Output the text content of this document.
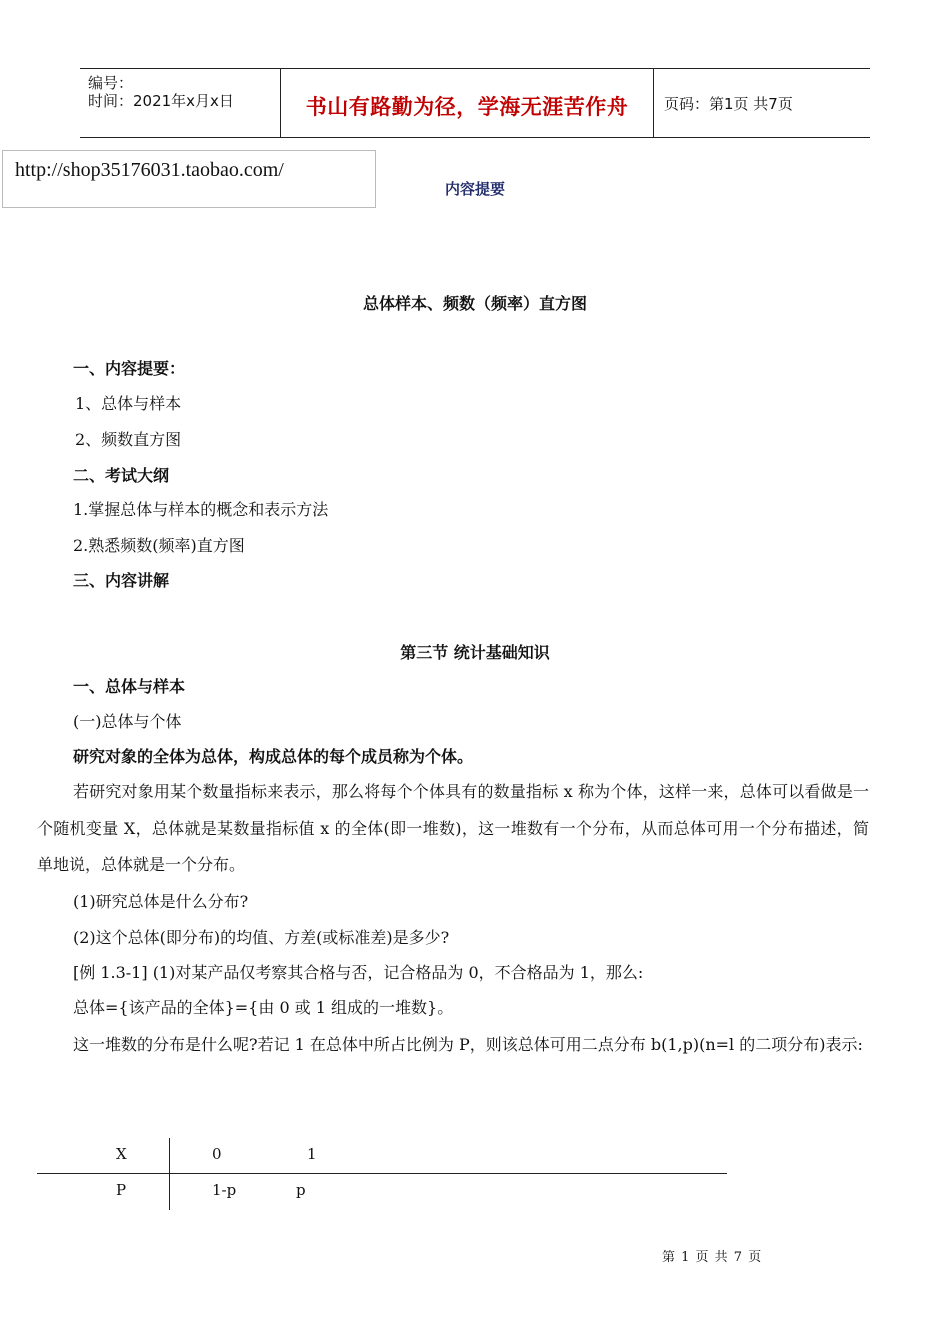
编号：
时间：2021年x月x日	书山有路勤为径，学海无涯苦作舟	页码：第1页 共7页
http://shop35176031.taobao.com/
内容提要
总体样本、频数（频率）直方图
一、内容提要：
1、总体与样本
2、频数直方图
二、考试大纲
1.掌握总体与样本的概念和表示方法
2.熟悉频数(频率)直方图
三、内容讲解
第三节 统计基础知识
一、总体与样本
(一)总体与个体
研究对象的全体为总体，构成总体的每个成员称为个体。
若研究对象用某个数量指标来表示，那么将每个个体具有的数量指标 x 称为个体，这样一来，总体可以看做是一个随机变量 X，总体就是某数量指标值 x 的全体(即一堆数)，这一堆数有一个分布，从而总体可用一个分布描述，简单地说，总体就是一个分布。
(1)研究总体是什么分布?
(2)这个总体(即分布)的均值、方差(或标准差)是多少?
[例 1.3-1] (1)对某产品仅考察其合格与否，记合格品为 0，不合格品为 1，那么:
总体={该产品的全体}={由 0 或 1 组成的一堆数}。
这一堆数的分布是什么呢?若记 1 在总体中所占比例为 P，则该总体可用二点分布 b(1,p)(n=l 的二项分布)表示:
X	0	1
P	1-p	p
第 1 页 共 7 页
